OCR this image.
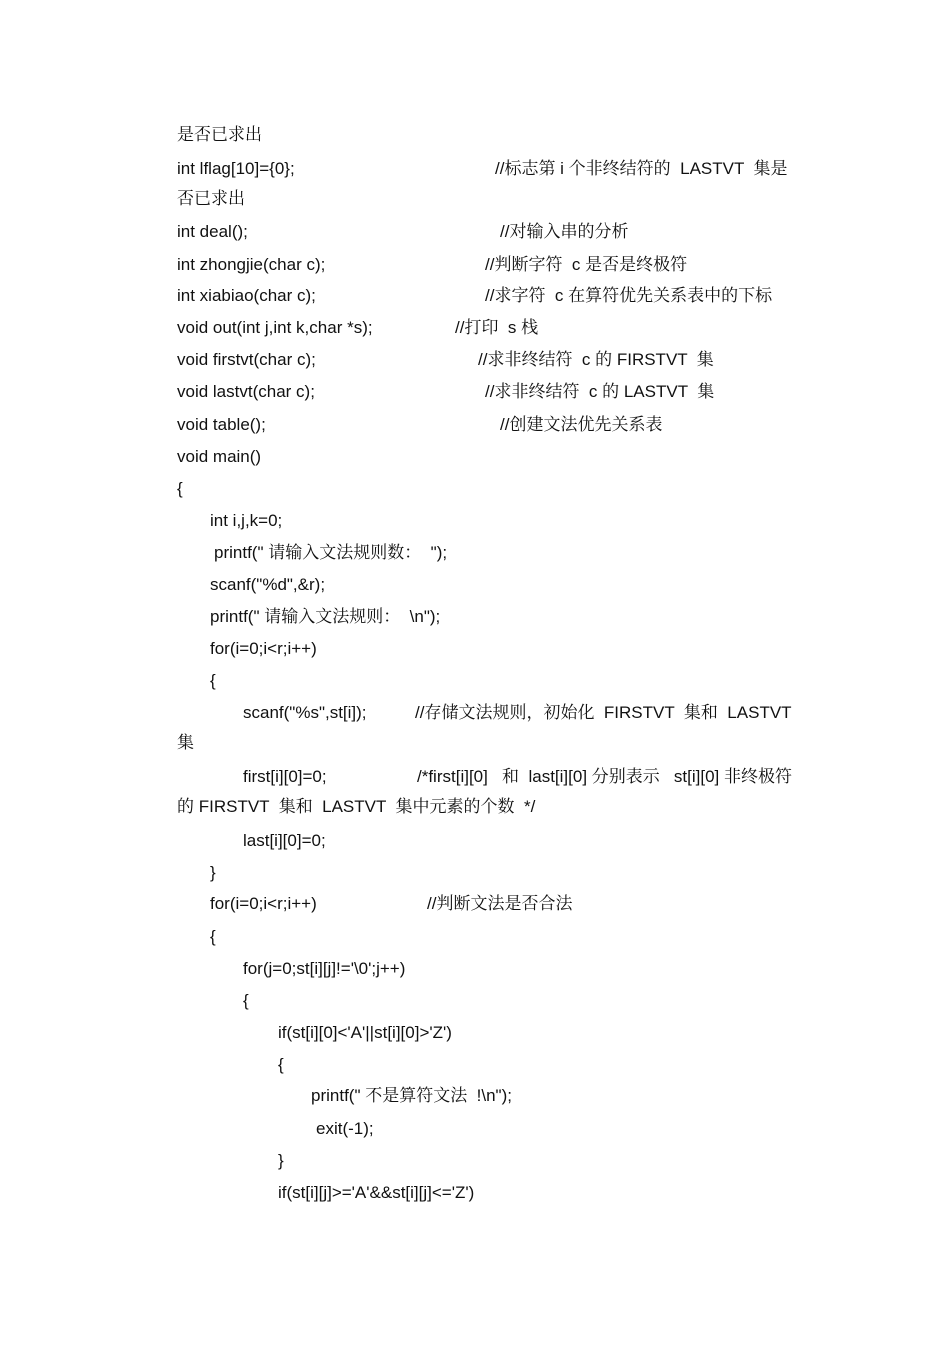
是否已求出
int lflag[10]={0};	//标志第 i 个非终结符的  LASTVT  集是
否已求出
int deal();	//对输入串的分析
int zhongjie(char c);	//判断字符  c 是否是终极符
int xiabiao(char c);	//求字符  c 在算符优先关系表中的下标
void out(int j,int k,char *s);	//打印  s 栈
void firstvt(char c);	//求非终结符  c 的 FIRSTVT  集
void lastvt(char c);	//求非终结符  c 的 LASTVT  集
void table();	//创建文法优先关系表
void main()
{
int i,j,k=0;
printf(" 请输入文法规则数：  ");
scanf("%d",&r);
printf(" 请输入文法规则：  \n");
for(i=0;i<r;i++)
{
scanf("%s",st[i]);	//存储文法规则，初始化  FIRSTVT  集和  LASTVT
集
first[i][0]=0;	/*first[i][0]   和  last[i][0] 分别表示   st[i][0] 非终极符
的 FIRSTVT  集和  LASTVT  集中元素的个数  */
last[i][0]=0;
}
for(i=0;i<r;i++)	//判断文法是否合法
{
for(j=0;st[i][j]!='\0';j++)
{
if(st[i][0]<'A'||st[i][0]>'Z')
{
printf(" 不是算符文法  !\n");
exit(-1);
}
if(st[i][j]>='A'&&st[i][j]<='Z')
